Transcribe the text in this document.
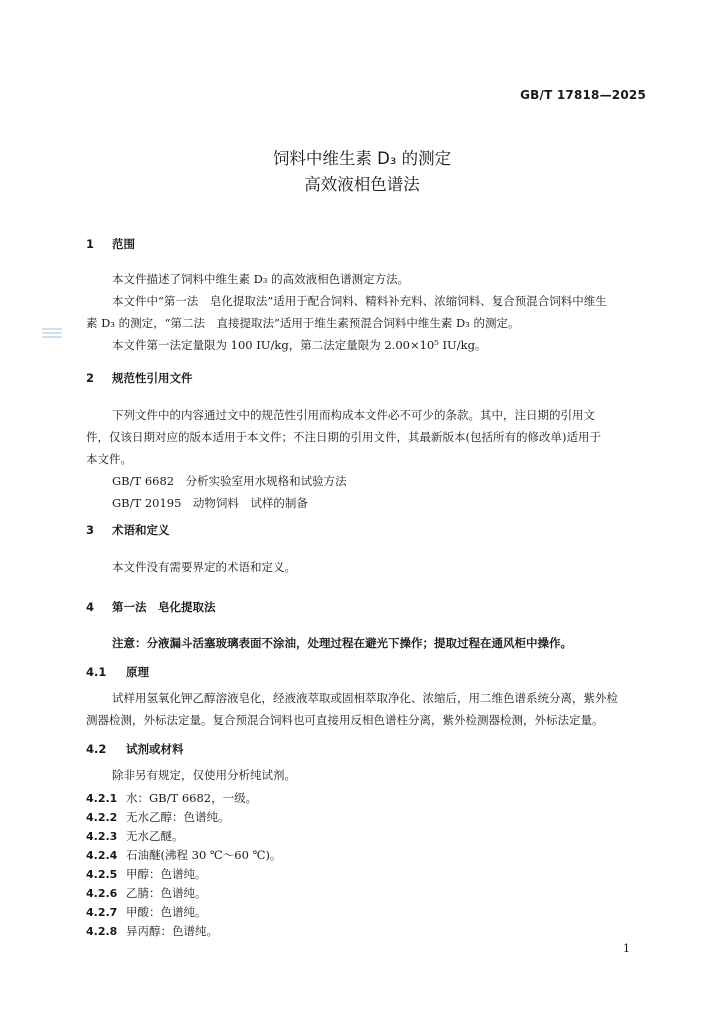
GB/T 17818—2025
饲料中维生素 D₃ 的测定
高效液相色谱法
1 范围
本文件描述了饲料中维生素 D₃ 的高效液相色谱测定方法。
本文件中“第一法　皂化提取法”适用于配合饲料、精料补充料、浓缩饲料、复合预混合饲料中维生
素 D₃ 的测定，“第二法　直接提取法”适用于维生素预混合饲料中维生素 D₃ 的测定。
本文件第一法定量限为 100 IU/kg，第二法定量限为 2.00×10⁵ IU/kg。
2 规范性引用文件
下列文件中的内容通过文中的规范性引用而构成本文件必不可少的条款。其中，注日期的引用文
件，仅该日期对应的版本适用于本文件；不注日期的引用文件，其最新版本(包括所有的修改单)适用于
本文件。
GB/T 6682　分析实验室用水规格和试验方法
GB/T 20195　动物饲料　试样的制备
3 术语和定义
本文件没有需要界定的术语和定义。
4 第一法　皂化提取法
注意：分液漏斗活塞玻璃表面不涂油，处理过程在避光下操作；提取过程在通风柜中操作。
4.1 原理
试样用氢氧化钾乙醇溶液皂化，经液液萃取或固相萃取净化、浓缩后，用二维色谱系统分离，紫外检
测器检测，外标法定量。复合预混合饲料也可直接用反相色谱柱分离，紫外检测器检测，外标法定量。
4.2 试剂或材料
除非另有规定，仅使用分析纯试剂。
4.2.1 水：GB/T 6682，一级。
4.2.2 无水乙醇：色谱纯。
4.2.3 无水乙醚。
4.2.4 石油醚(沸程 30 ℃～60 ℃)。
4.2.5 甲醇：色谱纯。
4.2.6 乙腈：色谱纯。
4.2.7 甲酸：色谱纯。
4.2.8 异丙醇：色谱纯。
1
